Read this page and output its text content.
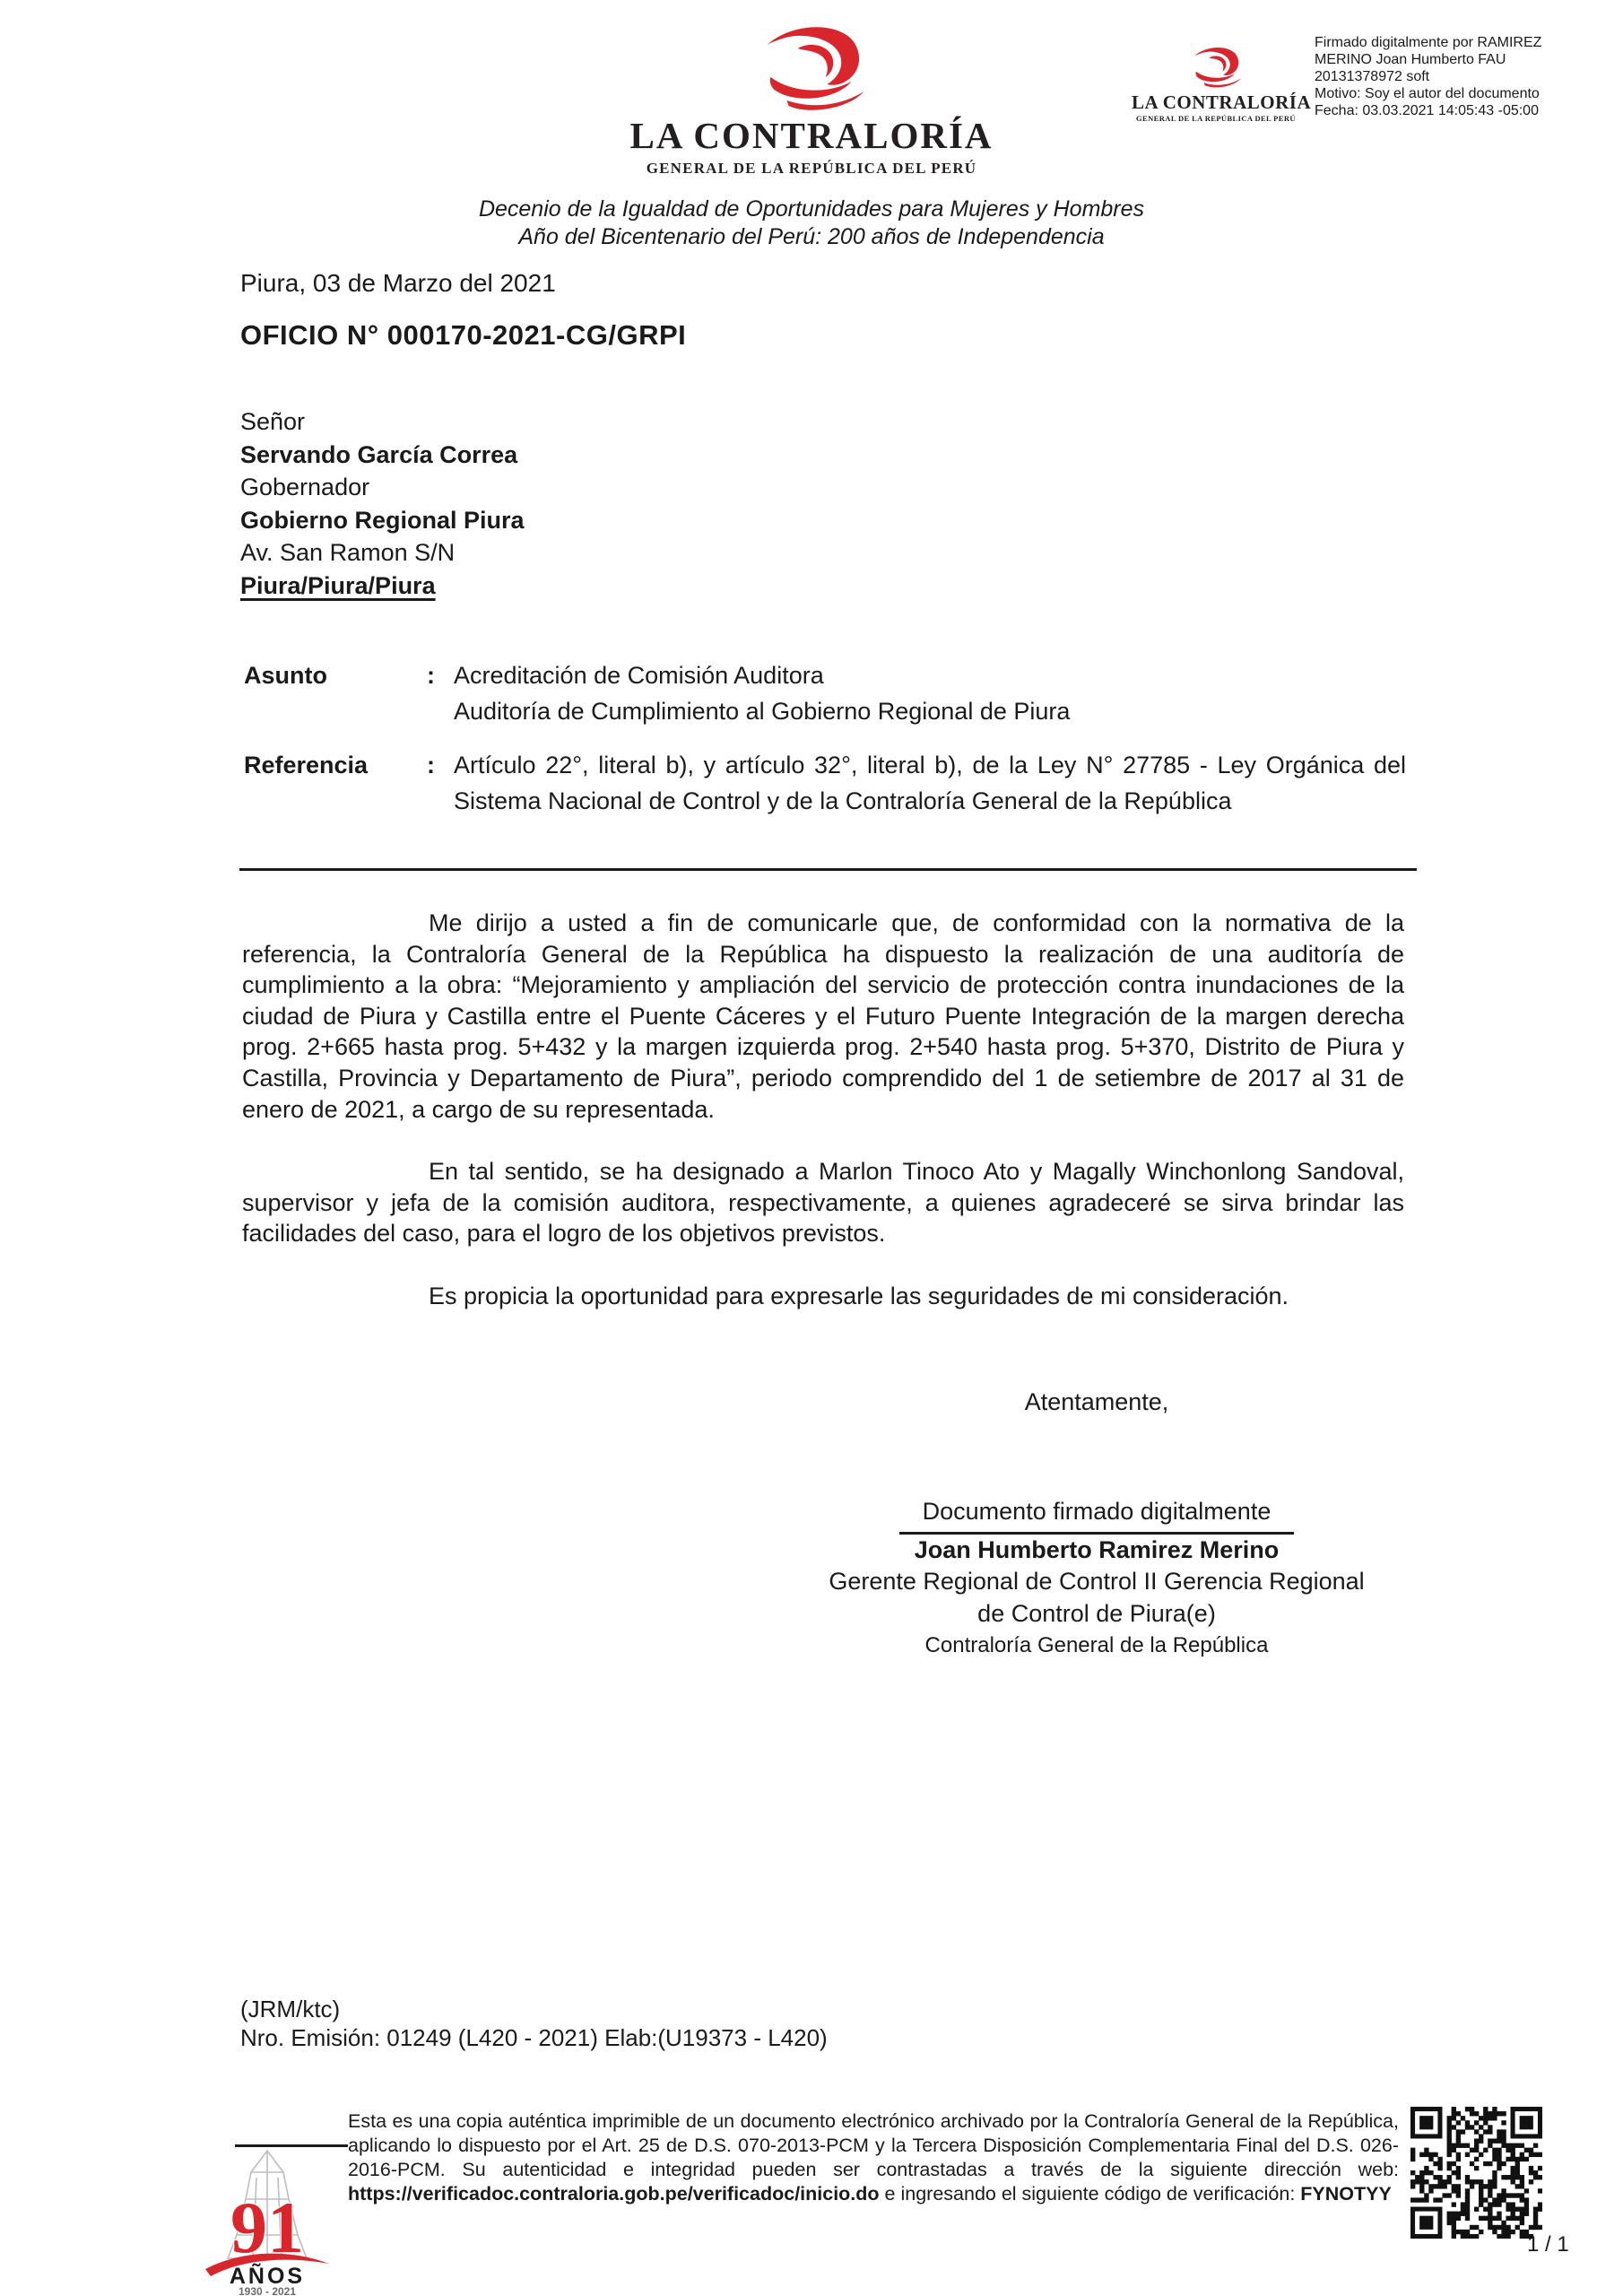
LA CONTRALORÍA
GENERAL DE LA REPÚBLICA DEL PERÚ
LA CONTRALORÍA
GENERAL DE LA REPÚBLICA DEL PERÚ
Firmado digitalmente por RAMIREZ
MERINO Joan Humberto FAU
20131378972 soft
Motivo: Soy el autor del documento
Fecha: 03.03.2021 14:05:43 -05:00
Decenio de la Igualdad de Oportunidades para Mujeres y Hombres
Año del Bicentenario del Perú: 200 años de Independencia
Piura, 03 de Marzo del 2021
OFICIO N° 000170-2021-CG/GRPI
Señor
Servando García Correa
Gobernador
Gobierno Regional Piura
Av. San Ramon S/N
Piura/Piura/Piura
Asunto	: Acreditación de Comisión Auditora
Auditoría de Cumplimiento al Gobierno Regional de Piura
Referencia	: Artículo 22°, literal b), y artículo 32°, literal b), de la Ley N° 27785 - Ley Orgánica del Sistema Nacional de Control y de la Contraloría General de la República

Me dirijo a usted a fin de comunicarle que, de conformidad con la normativa de la referencia, la Contraloría General de la República ha dispuesto la realización de una auditoría de cumplimiento a la obra: “Mejoramiento y ampliación del servicio de protección contra inundaciones de la ciudad de Piura y Castilla entre el Puente Cáceres y el Futuro Puente Integración de la margen derecha prog. 2+665 hasta prog. 5+432 y la margen izquierda prog. 2+540 hasta prog. 5+370, Distrito de Piura y Castilla, Provincia y Departamento de Piura”, periodo comprendido del 1 de setiembre de 2017 al 31 de enero de 2021, a cargo de su representada.

En tal sentido, se ha designado a Marlon Tinoco Ato y Magally Winchonlong Sandoval, supervisor y jefa de la comisión auditora, respectivamente, a quienes agradeceré se sirva brindar las facilidades del caso, para el logro de los objetivos previstos.

Es propicia la oportunidad para expresarle las seguridades de mi consideración.

Atentamente,
Documento firmado digitalmente
Joan Humberto Ramirez Merino
Gerente Regional de Control II Gerencia Regional
de Control de Piura(e)
Contraloría General de la República
(JRM/ktc)
Nro. Emisión: 01249 (L420 - 2021) Elab:(U19373 - L420)
91
AÑOS
1930 - 2021
Esta es una copia auténtica imprimible de un documento electrónico archivado por la Contraloría General de la República, aplicando lo dispuesto por el Art. 25 de D.S. 070-2013-PCM y la Tercera Disposición Complementaria Final del D.S. 026- 2016-PCM. Su autenticidad e integridad pueden ser contrastadas a través de la siguiente dirección web: https://verificadoc.contraloria.gob.pe/verificadoc/inicio.do e ingresando el siguiente código de verificación: FYNOTYY
1 / 1
